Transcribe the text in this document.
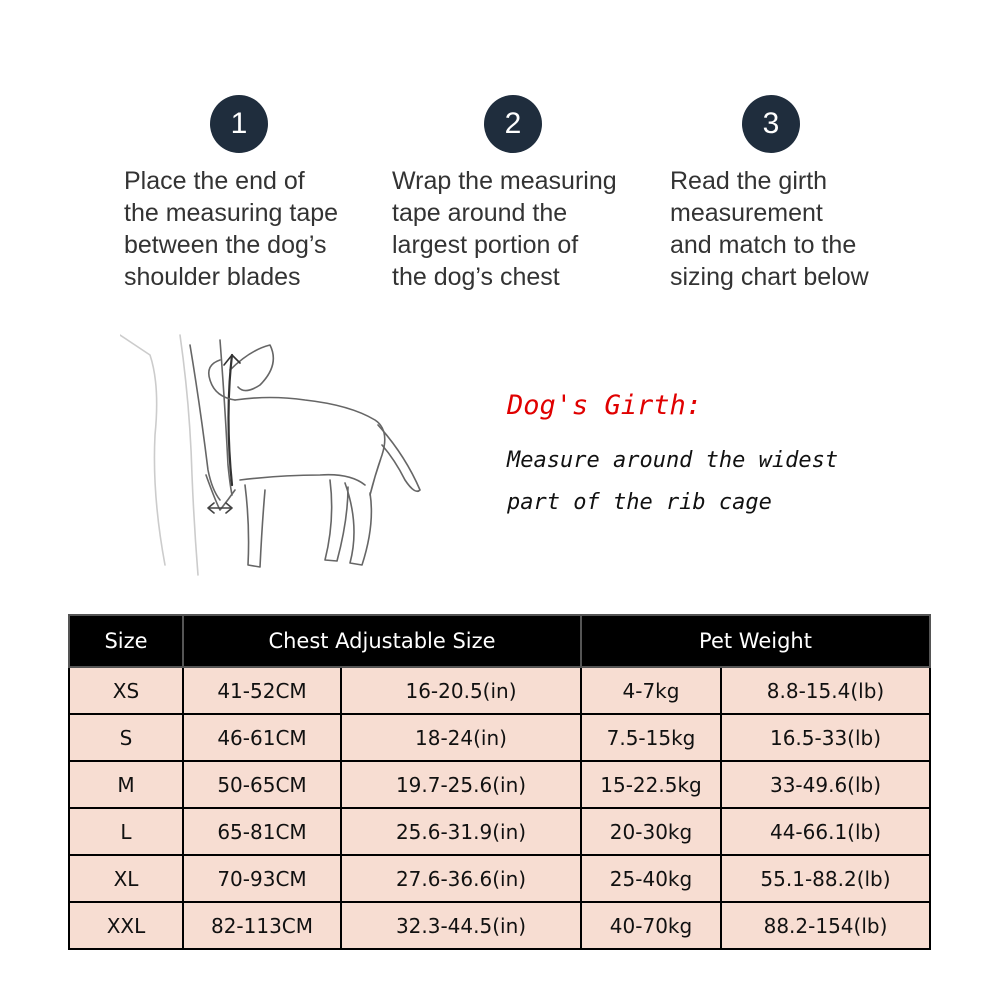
1
Place the end of
the measuring tape
between the dog’s
shoulder blades
2
Wrap the measuring
tape around the
largest portion of
the dog’s chest
3
Read the girth
measurement
and match to the
sizing chart below
Dog's Girth:
Measure around the widest
part of the rib cage
Size	Chest Adjustable Size		Pet Weight	
XS	41-52CM	16-20.5(in)	4-7kg	8.8-15.4(lb)
S	46-61CM	18-24(in)	7.5-15kg	16.5-33(lb)
M	50-65CM	19.7-25.6(in)	15-22.5kg	33-49.6(lb)
L	65-81CM	25.6-31.9(in)	20-30kg	44-66.1(lb)
XL	70-93CM	27.6-36.6(in)	25-40kg	55.1-88.2(lb)
XXL	82-113CM	32.3-44.5(in)	40-70kg	88.2-154(lb)
